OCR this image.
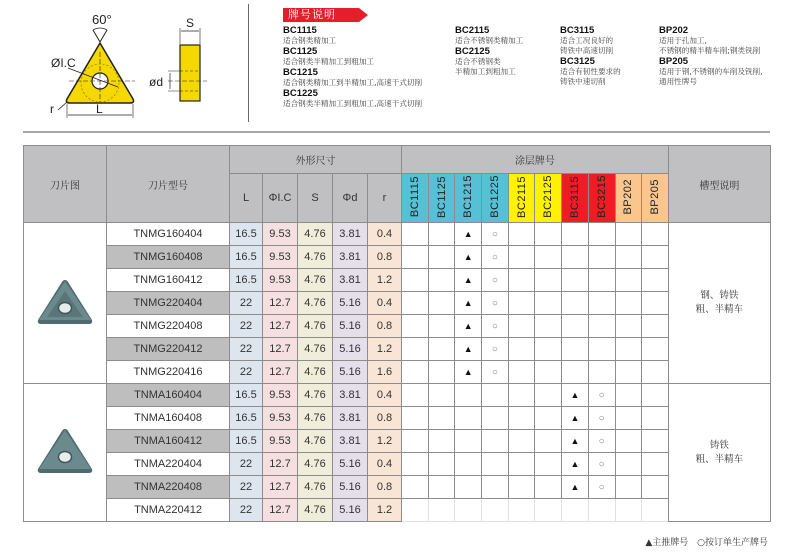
60°
ØI.C
r	L
ød
S
牌号说明
BC1115
适合钢类精加工
BC1125
适合钢类半精加工到粗加工
BC1215
适合钢类精加工到半精加工,高速干式切削
BC1225
适合钢类半精加工到粗加工,高速干式切削
BC2115
适合不锈钢类精加工
BC2125
适合不锈钢类
半精加工到粗加工
BC3115
适合工况良好的
铸铁中高速切削
BC3125
适合有韧性要求的
铸铁中速切削
BP202
适用于孔加工,
不锈钢的精半精车削;钢类铣削
BP205
适用于钢,不锈钢的车削及铣削,
通用性牌号
刀片图	刀片型号	外形尺寸					涂层牌号										槽型说明
		L	ΦI.C	S	Φd	r	BC1115	BC1125	BC1215	BC1225	BC2115	BC2125	BC3115	BC3215	BP202	BP205	
	TNMG160404	16.5	9.53	4.76	3.81	0.4			▲	○							钢、铸铁
粗、半精车

	TNMG160408	16.5	9.53	4.76	3.81	0.8			▲	○							
	TNMG160412	16.5	9.53	4.76	3.81	1.2			▲	○							
	TNMG220404	22	12.7	4.76	5.16	0.4			▲	○							
	TNMG220408	22	12.7	4.76	5.16	0.8			▲	○							
	TNMG220412	22	12.7	4.76	5.16	1.2			▲	○							
	TNMG220416	22	12.7	4.76	5.16	1.6			▲	○							
	TNMA160404	16.5	9.53	4.76	3.81	0.4							▲	○			铸铁
粗、半精车

	TNMA160408	16.5	9.53	4.76	3.81	0.8							▲	○			
	TNMA160412	16.5	9.53	4.76	3.81	1.2							▲	○			
	TNMA220404	22	12.7	4.76	5.16	0.4							▲	○			
	TNMA220408	22	12.7	4.76	5.16	0.8							▲	○			
	TNMA220412	22	12.7	4.76	5.16	1.2											
▲主推牌号 ○按订单生产牌号
